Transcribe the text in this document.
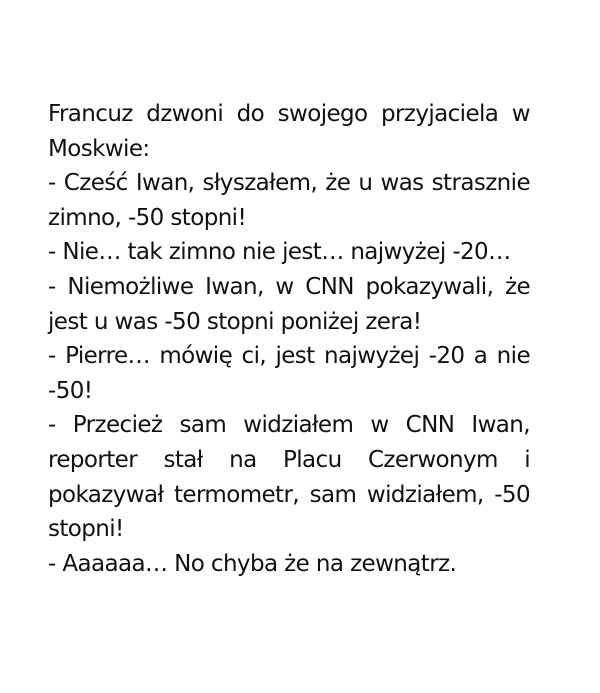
Francuz dzwoni do swojego przyjaciela w Moskwie:

- Cześć Iwan, słyszałem, że u was strasznie zimno, -50 stopni!

- Nie… tak zimno nie jest… najwyżej -20…

- Niemożliwe Iwan, w CNN pokazywali, że jest u was -50 stopni poniżej zera!

- Pierre… mówię ci, jest najwyżej -20 a nie -50!

- Przecież sam widziałem w CNN Iwan, reporter stał na Placu Czerwonym i pokazywał termometr, sam widziałem, -50 stopni!

- Aaaaaa… No chyba że na zewnątrz.
